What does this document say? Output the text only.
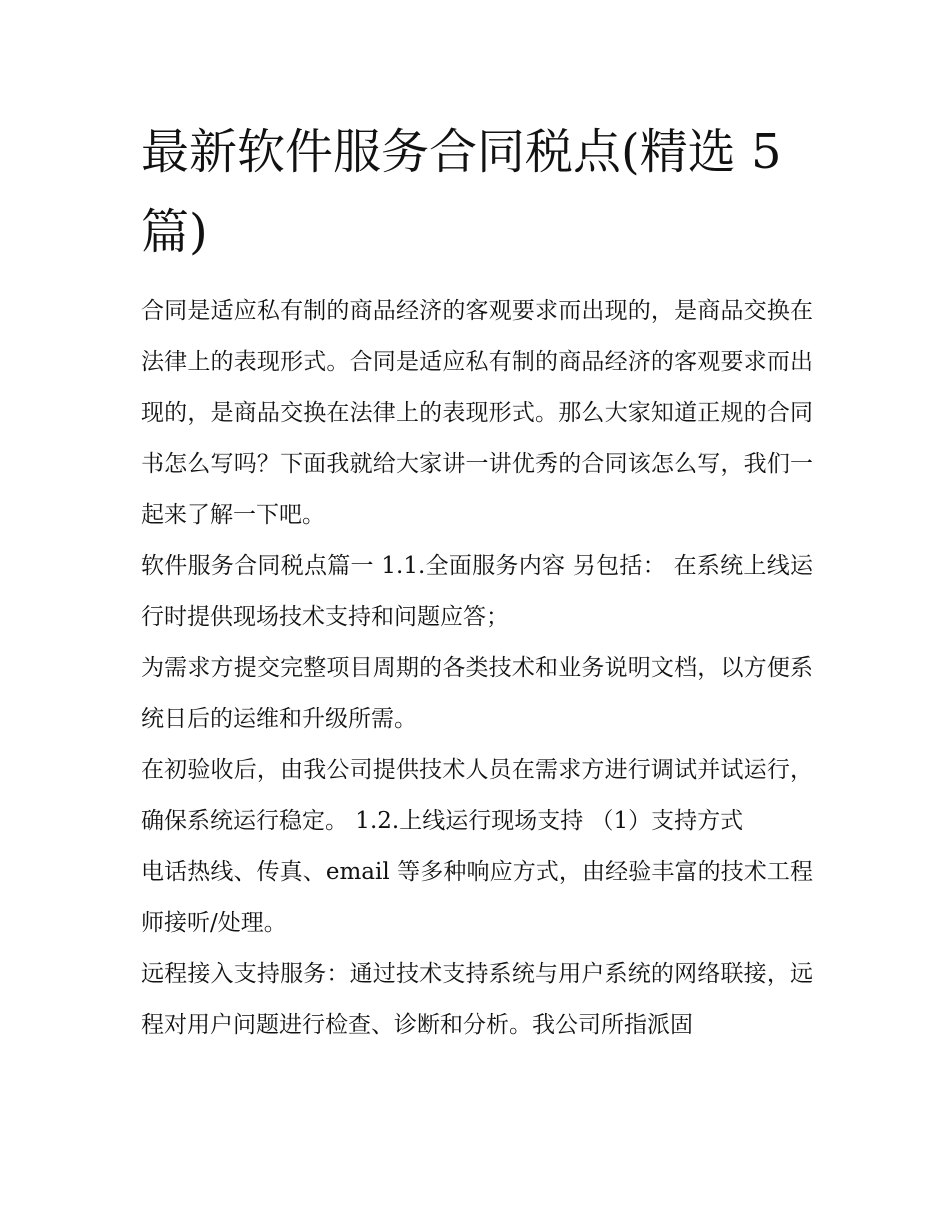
最新软件服务合同税点(精选 5篇)

合同是适应私有制的商品经济的客观要求而出现的，是商品交换在法律上的表现形式。合同是适应私有制的商品经济的客观要求而出现的，是商品交换在法律上的表现形式。那么大家知道正规的合同书怎么写吗？下面我就给大家讲一讲优秀的合同该怎么写，我们一起来了解一下吧。

软件服务合同税点篇一 1.1.全面服务内容 另包括： 在系统上线运行时提供现场技术支持和问题应答；

为需求方提交完整项目周期的各类技术和业务说明文档，以方便系统日后的运维和升级所需。

在初验收后，由我公司提供技术人员在需求方进行调试并试运行，确保系统运行稳定。 1.2.上线运行现场支持 （1）支持方式

电话热线、传真、email 等多种响应方式，由经验丰富的技术工程师接听/处理。

远程接入支持服务：通过技术支持系统与用户系统的网络联接，远程对用户问题进行检查、诊断和分析。我公司所指派固
